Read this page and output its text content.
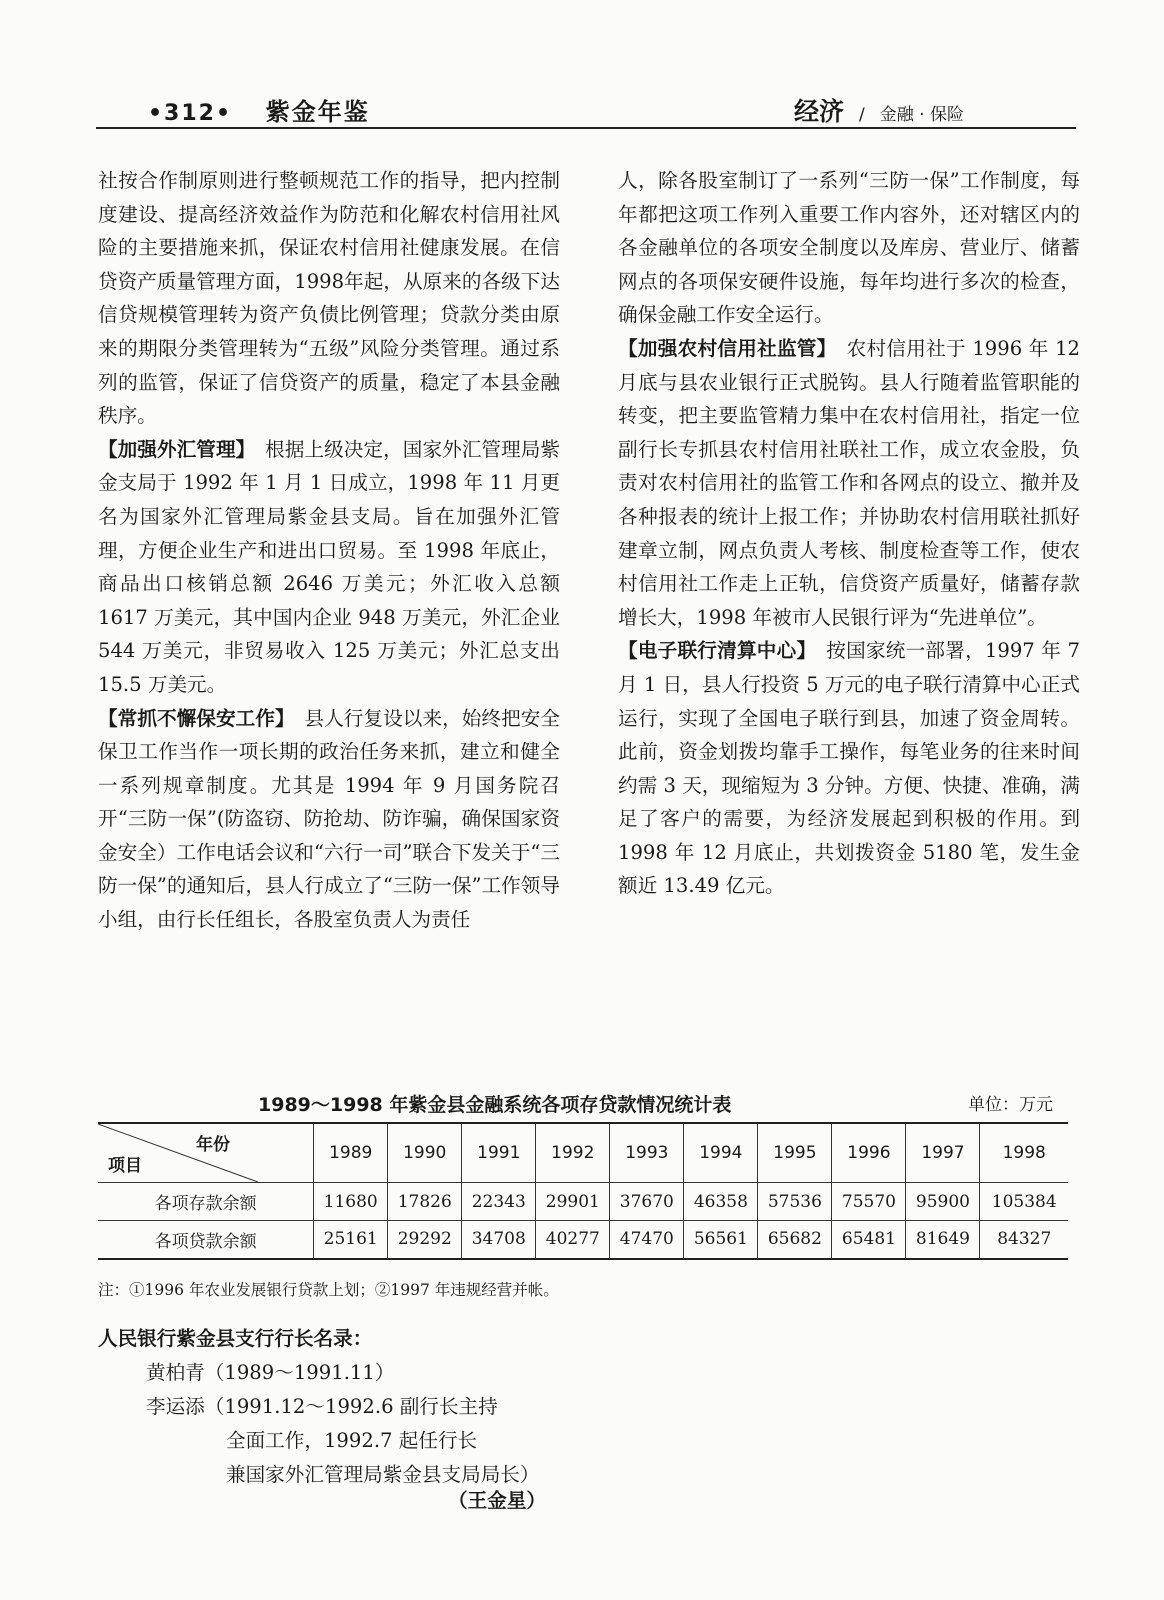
•312• 紫金年鉴	经济 / 金融 · 保险

社按合作制原则进行整顿规范工作的指导，把内控制度建设、提高经济效益作为防范和化解农村信用社风险的主要措施来抓，保证农村信用社健康发展。在信贷资产质量管理方面，1998年起，从原来的各级下达信贷规模管理转为资产负债比例管理；贷款分类由原来的期限分类管理转为“五级”风险分类管理。通过系列的监管，保证了信贷资产的质量，稳定了本县金融秩序。

【加强外汇管理】　根据上级决定，国家外汇管理局紫金支局于 1992 年 1 月 1 日成立，1998 年 11 月更名为国家外汇管理局紫金县支局。旨在加强外汇管理，方便企业生产和进出口贸易。至 1998 年底止，商品出口核销总额 2646 万美元；外汇收入总额 1617 万美元，其中国内企业 948 万美元，外汇企业 544 万美元，非贸易收入 125 万美元；外汇总支出 15.5 万美元。

【常抓不懈保安工作】　县人行复设以来，始终把安全保卫工作当作一项长期的政治任务来抓，建立和健全一系列规章制度。尤其是 1994 年 9 月国务院召开“三防一保”(防盗窃、防抢劫、防诈骗，确保国家资金安全）工作电话会议和“六行一司”联合下发关于“三防一保”的通知后，县人行成立了“三防一保”工作领导小组，由行长任组长，各股室负责人为责任

人，除各股室制订了一系列“三防一保”工作制度，每年都把这项工作列入重要工作内容外，还对辖区内的各金融单位的各项安全制度以及库房、营业厅、储蓄网点的各项保安硬件设施，每年均进行多次的检查，确保金融工作安全运行。

【加强农村信用社监管】　农村信用社于 1996 年 12 月底与县农业银行正式脱钩。县人行随着监管职能的转变，把主要监管精力集中在农村信用社，指定一位副行长专抓县农村信用社联社工作，成立农金股，负责对农村信用社的监管工作和各网点的设立、撤并及各种报表的统计上报工作；并协助农村信用联社抓好建章立制，网点负责人考核、制度检查等工作，使农村信用社工作走上正轨，信贷资产质量好，储蓄存款增长大，1998 年被市人民银行评为“先进单位”。

【电子联行清算中心】　按国家统一部署，1997 年 7 月 1 日，县人行投资 5 万元的电子联行清算中心正式运行，实现了全国电子联行到县，加速了资金周转。此前，资金划拨均靠手工操作，每笔业务的往来时间约需 3 天，现缩短为 3 分钟。方便、快捷、准确，满足了客户的需要，为经济发展起到积极的作用。到 1998 年 12 月底止，共划拨资金 5180 笔，发生金额近 13.49 亿元。

1989～1998 年紫金县金融系统各项存贷款情况统计表	单位：万元
年份
项目	1989	1990	1991	1992	1993	1994	1995	1996	1997	1998
各项存款余额	11680	17826	22343	29901	37670	46358	57536	75570	95900	105384
各项贷款余额	25161	29292	34708	40277	47470	56561	65682	65481	81649	84327
注：①1996 年农业发展银行贷款上划；②1997 年违规经营并帐。
人民银行紫金县支行行长名录：
黄柏青（1989～1991.11）
李运添（1991.12～1992.6 副行长主持
全面工作，1992.7 起任行长
兼国家外汇管理局紫金县支局局长）
（王金星）
